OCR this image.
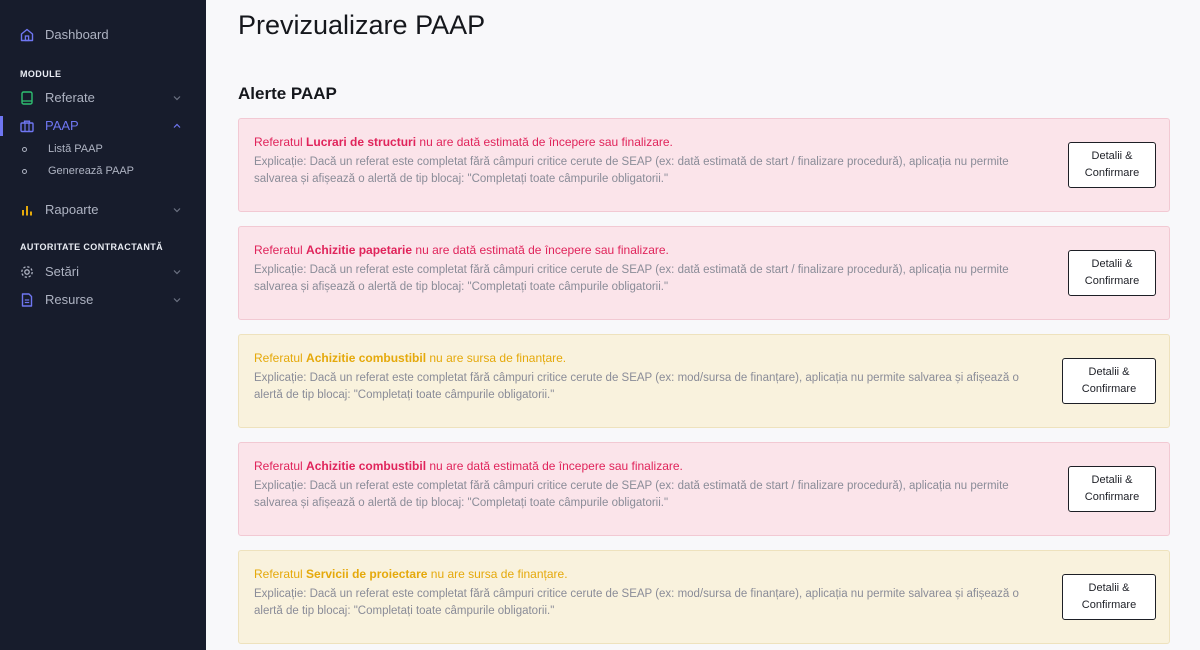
Dashboard
MODULE
Referate
PAAP
Listă PAAP
Generează PAAP
Rapoarte
AUTORITATE CONTRACTANTĂ
Setări
Resurse
Previzualizare PAAP
Alerte PAAP
Referatul Lucrari de structuri nu are dată estimată de începere sau finalizare.
Explicație: Dacă un referat este completat fără câmpuri critice cerute de SEAP (ex: dată estimată de start / finalizare procedură), aplicația nu permite salvarea și afișează o alertă de tip blocaj: "Completați toate câmpurile obligatorii."
Detalii & Confirmare
Referatul Achizitie papetarie nu are dată estimată de începere sau finalizare.
Explicație: Dacă un referat este completat fără câmpuri critice cerute de SEAP (ex: dată estimată de start / finalizare procedură), aplicația nu permite salvarea și afișează o alertă de tip blocaj: "Completați toate câmpurile obligatorii."
Detalii & Confirmare
Referatul Achizitie combustibil nu are sursa de finanțare.
Explicație: Dacă un referat este completat fără câmpuri critice cerute de SEAP (ex: mod/sursa de finanțare), aplicația nu permite salvarea și afișează o alertă de tip blocaj: "Completați toate câmpurile obligatorii."
Detalii & Confirmare
Referatul Achizitie combustibil nu are dată estimată de începere sau finalizare.
Explicație: Dacă un referat este completat fără câmpuri critice cerute de SEAP (ex: dată estimată de start / finalizare procedură), aplicația nu permite salvarea și afișează o alertă de tip blocaj: "Completați toate câmpurile obligatorii."
Detalii & Confirmare
Referatul Servicii de proiectare nu are sursa de finanțare.
Explicație: Dacă un referat este completat fără câmpuri critice cerute de SEAP (ex: mod/sursa de finanțare), aplicația nu permite salvarea și afișează o alertă de tip blocaj: "Completați toate câmpurile obligatorii."
Detalii & Confirmare
